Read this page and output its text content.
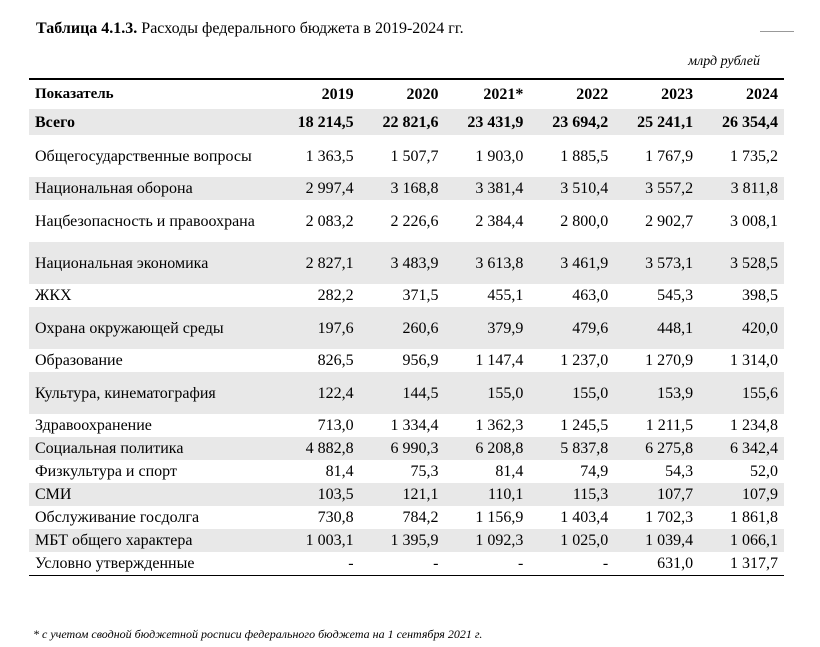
Таблица 4.1.3. Расходы федерального бюджета в 2019-2024 гг.
млрд рублей
Показатель	2019	2020	2021*	2022	2023	2024
Всего	18 214,5	22 821,6	23 431,9	23 694,2	25 241,1	26 354,4
Общегосударственные вопросы	1 363,5	1 507,7	1 903,0	1 885,5	1 767,9	1 735,2
Национальная оборона	2 997,4	3 168,8	3 381,4	3 510,4	3 557,2	3 811,8
Нацбезопасность и правоохрана	2 083,2	2 226,6	2 384,4	2 800,0	2 902,7	3 008,1
Национальная экономика	2 827,1	3 483,9	3 613,8	3 461,9	3 573,1	3 528,5
ЖКХ	282,2	371,5	455,1	463,0	545,3	398,5
Охрана окружающей среды	197,6	260,6	379,9	479,6	448,1	420,0
Образование	826,5	956,9	1 147,4	1 237,0	1 270,9	1 314,0
Культура, кинематография	122,4	144,5	155,0	155,0	153,9	155,6
Здравоохранение	713,0	1 334,4	1 362,3	1 245,5	1 211,5	1 234,8
Социальная политика	4 882,8	6 990,3	6 208,8	5 837,8	6 275,8	6 342,4
Физкультура и спорт	81,4	75,3	81,4	74,9	54,3	52,0
СМИ	103,5	121,1	110,1	115,3	107,7	107,9
Обслуживание госдолга	730,8	784,2	1 156,9	1 403,4	1 702,3	1 861,8
МБТ общего характера	1 003,1	1 395,9	1 092,3	1 025,0	1 039,4	1 066,1
Условно утвержденные	-	-	-	-	631,0	1 317,7
* с учетом сводной бюджетной росписи федерального бюджета на 1 сентября 2021 г.
